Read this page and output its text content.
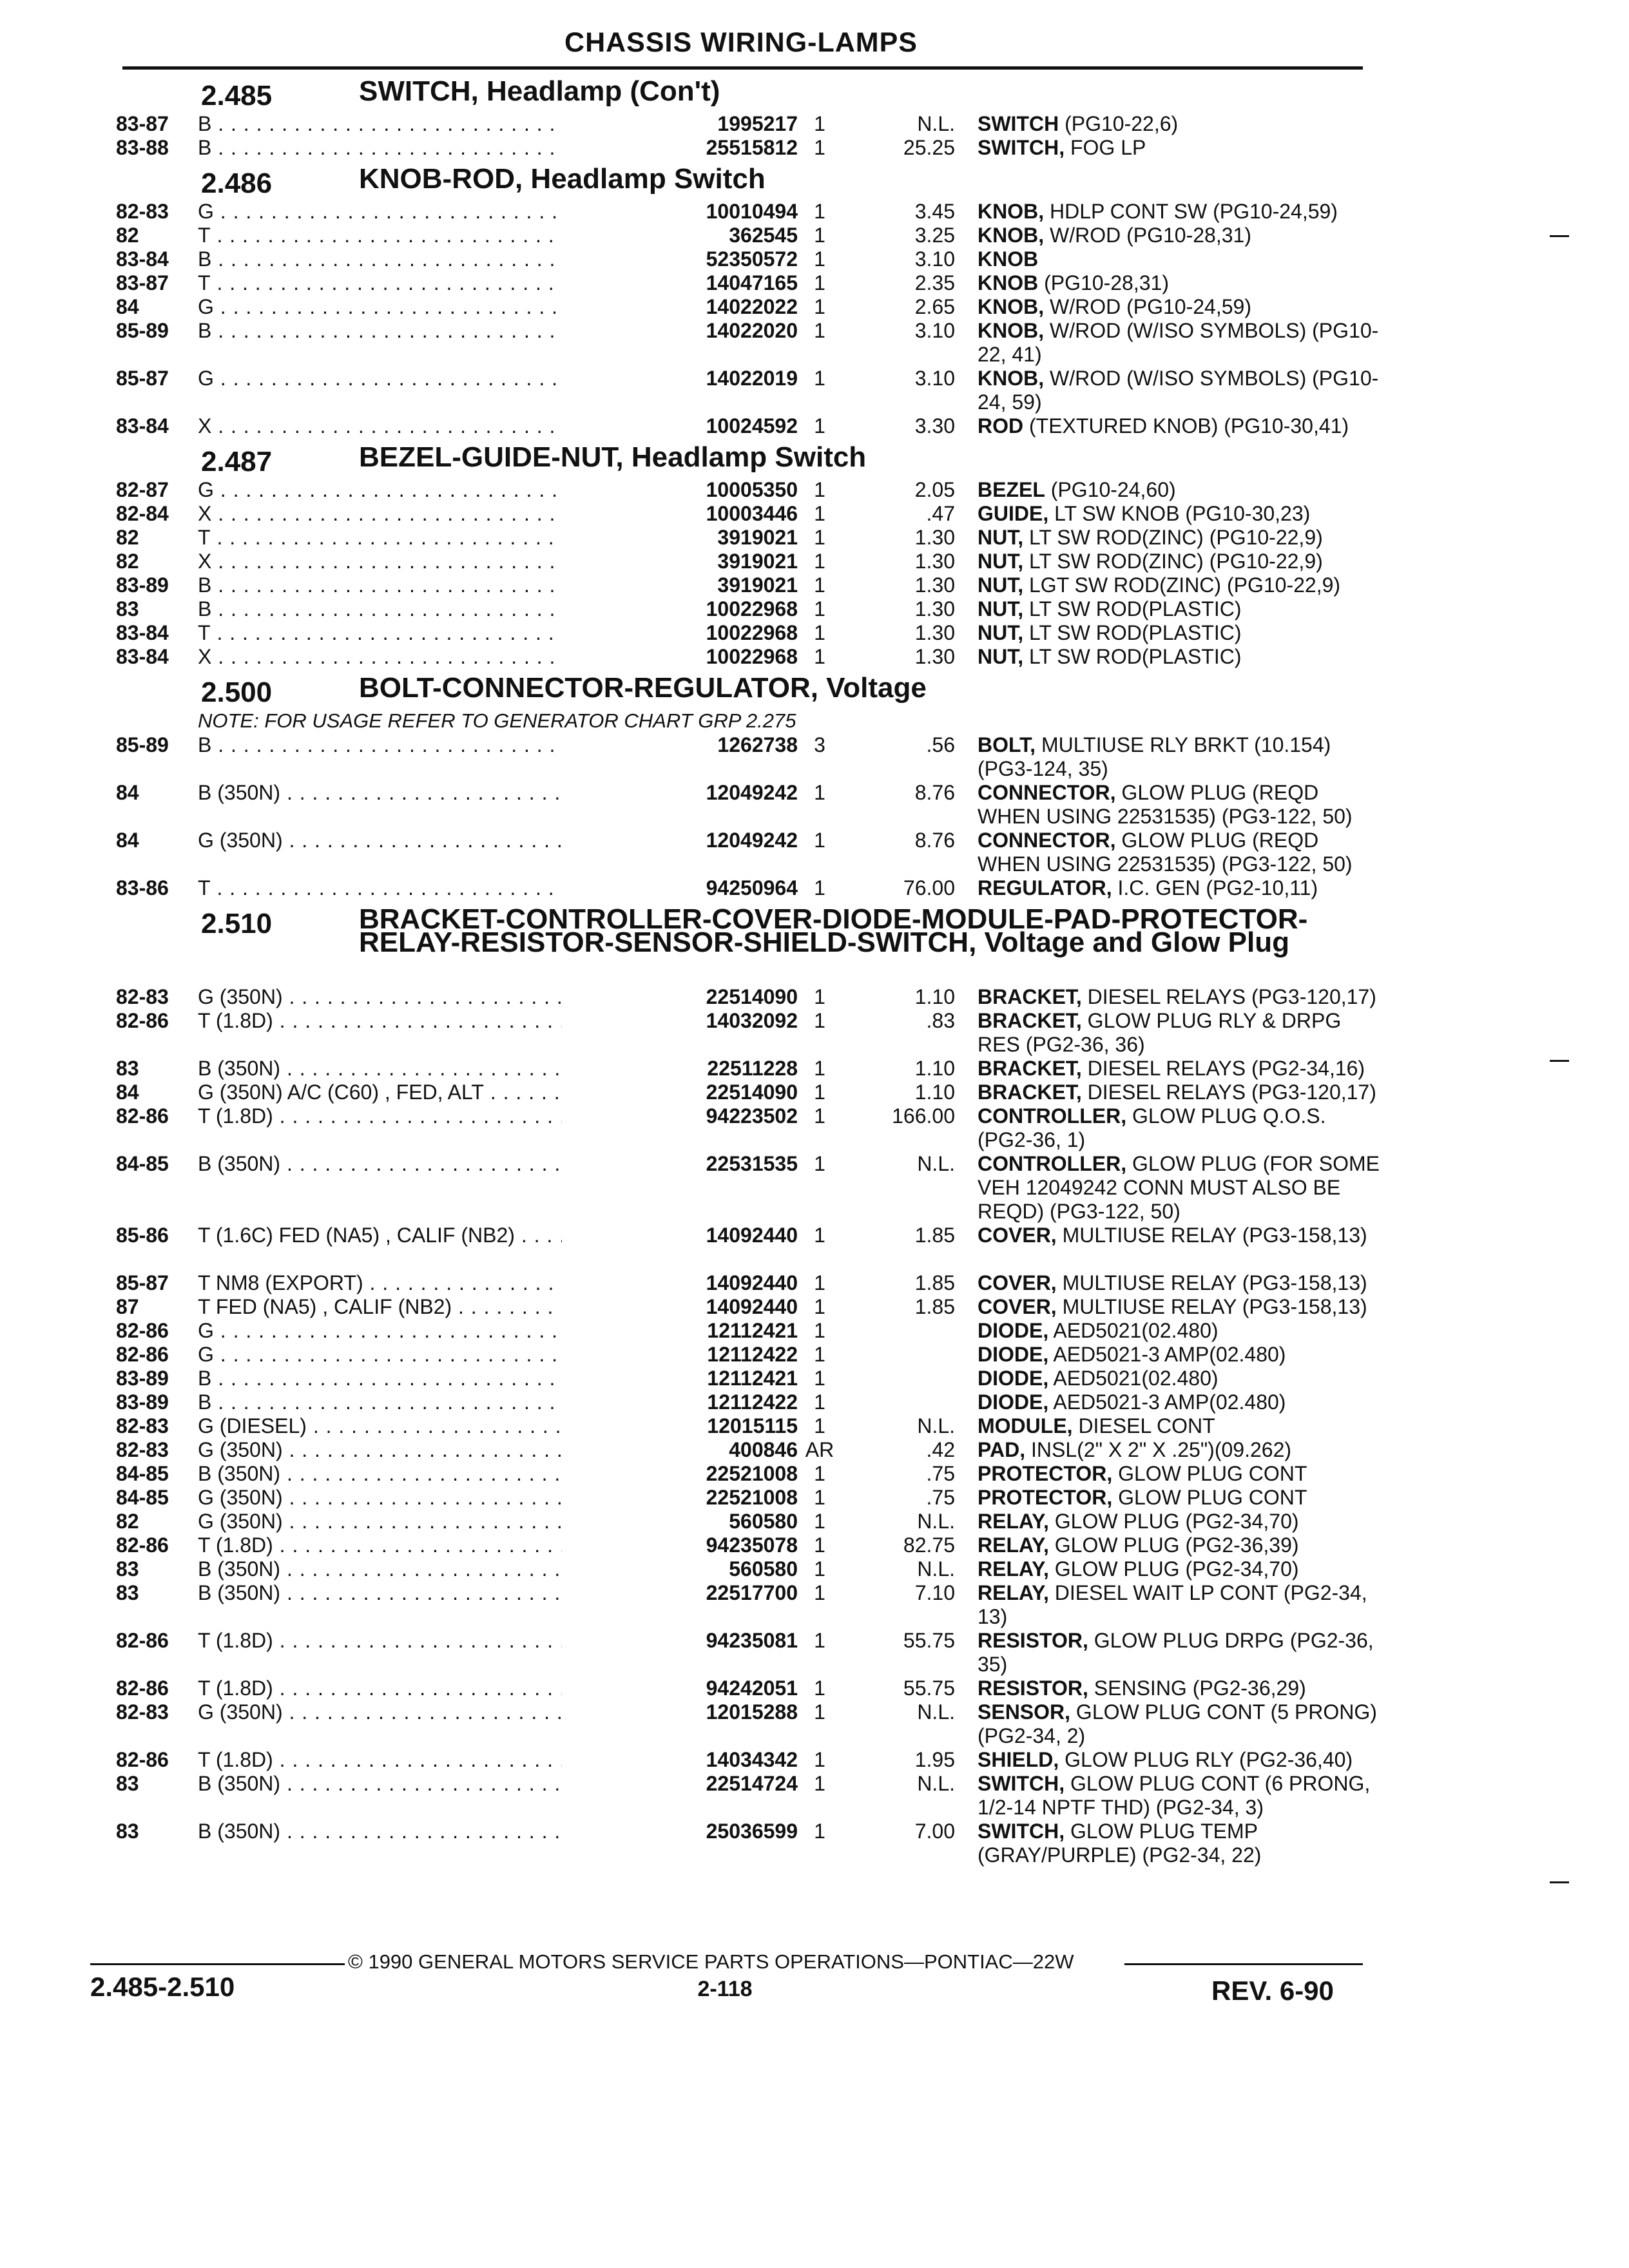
CHASSIS WIRING-LAMPS
2.485	SWITCH, Headlamp (Con't)
83-87 B . . .	1995217 1	N.L. SWITCH (PG10-22,6)
83-88 B . . .	25515812 1	25.25 SWITCH, FOG LP
2.486	KNOB-ROD, Headlamp Switch
82-83 G . . .	10010494 1	3.45 KNOB, HDLP CONT SW (PG10-24,59)
82	T . . .	362545 1	3.25 KNOB, W/ROD (PG10-28,31)
83-84 B . . .	52350572 1	3.10 KNOB
83-87 T . . .	14047165 1	2.35 KNOB (PG10-28,31)
84	G . . .	14022022 1	2.65 KNOB, W/ROD (PG10-24,59)
85-89 B . . .	14022020 1	3.10 KNOB, W/ROD (W/ISO SYMBOLS) (PG10-22, 41)
85-87 G . . .	14022019 1	3.10 KNOB, W/ROD (W/ISO SYMBOLS) (PG10-24, 59)
83-84 X . . .	10024592 1	3.30 ROD (TEXTURED KNOB) (PG10-30,41)
2.487	BEZEL-GUIDE-NUT, Headlamp Switch
82-87 G . . .	10005350 1	2.05 BEZEL (PG10-24,60)
82-84 X . . .	10003446 1	.47 GUIDE, LT SW KNOB (PG10-30,23)
82	T . . .	3919021 1	1.30 NUT, LT SW ROD(ZINC) (PG10-22,9)
82	X . . .	3919021 1	1.30 NUT, LT SW ROD(ZINC) (PG10-22,9)
83-89 B . . .	3919021 1	1.30 NUT, LGT SW ROD(ZINC) (PG10-22,9)
83	B . . .	10022968 1	1.30 NUT, LT SW ROD(PLASTIC)
83-84 T . . .	10022968 1	1.30 NUT, LT SW ROD(PLASTIC)
83-84 X . . .	10022968 1	1.30 NUT, LT SW ROD(PLASTIC)
2.500	BOLT-CONNECTOR-REGULATOR, Voltage
NOTE: FOR USAGE REFER TO GENERATOR CHART GRP 2.275
85-89 B . . .	1262738 3	.56 BOLT, MULTIUSE RLY BRKT (10.154) (PG3-124, 35)
84	B (350N) . . .	12049242 1	8.76 CONNECTOR, GLOW PLUG (REQD WHEN USING 22531535) (PG3-122, 50)
84	G (350N) . . .	12049242 1	8.76 CONNECTOR, GLOW PLUG (REQD WHEN USING 22531535) (PG3-122, 50)
83-86 T . . .	94250964 1	76.00 REGULATOR, I.C. GEN (PG2-10,11)
2.510	BRACKET-CONTROLLER-COVER-DIODE-MODULE-PAD-PROTECTOR-RELAY-RESISTOR-SENSOR-SHIELD-SWITCH, Voltage and Glow Plug
82-83 G (350N) . . .	22514090 1	1.10 BRACKET, DIESEL RELAYS (PG3-120,17)
82-86 T (1.8D) . . .	14032092 1	.83 BRACKET, GLOW PLUG RLY & DRPG RES (PG2-36, 36)
83	B (350N) . . .	22511228 1	1.10 BRACKET, DIESEL RELAYS (PG2-34,16)
84	G (350N) A/C (C60) , FED, ALT . . .	22514090 1	1.10 BRACKET, DIESEL RELAYS (PG3-120,17)
82-86 T (1.8D) . . .	94223502 1	166.00 CONTROLLER, GLOW PLUG Q.O.S. (PG2-36, 1)
84-85 B (350N) . . .	22531535 1	N.L. CONTROLLER, GLOW PLUG (FOR SOME VEH 12049242 CONN MUST ALSO BE REQD) (PG3-122, 50)
85-86 T (1.6C) FED (NA5) , CALIF (NB2) . . .	14092440 1	1.85 COVER, MULTIUSE RELAY (PG3-158,13)
85-87 T NM8 (EXPORT) . . .	14092440 1	1.85 COVER, MULTIUSE RELAY (PG3-158,13)
87	T FED (NA5) , CALIF (NB2) . . .	14092440 1	1.85 COVER, MULTIUSE RELAY (PG3-158,13)
82-86 G . . .	12112421 1	DIODE, AED5021(02.480)
82-86 G . . .	12112422 1	DIODE, AED5021-3 AMP(02.480)
83-89 B . . .	12112421 1	DIODE, AED5021(02.480)
83-89 B . . .	12112422 1	DIODE, AED5021-3 AMP(02.480)
82-83 G (DIESEL) . . .	12015115 1	N.L. MODULE, DIESEL CONT
82-83 G (350N) . . .	400846 AR	.42 PAD, INSL(2" X 2" X .25")(09.262)
84-85 B (350N) . . .	22521008 1	.75 PROTECTOR, GLOW PLUG CONT
84-85 G (350N) . . .	22521008 1	.75 PROTECTOR, GLOW PLUG CONT
82	G (350N) . . .	560580 1	N.L. RELAY, GLOW PLUG (PG2-34,70)
82-86 T (1.8D) . . .	94235078 1	82.75 RELAY, GLOW PLUG (PG2-36,39)
83	B (350N) . . .	560580 1	N.L. RELAY, GLOW PLUG (PG2-34,70)
83	B (350N) . . .	22517700 1	7.10 RELAY, DIESEL WAIT LP CONT (PG2-34, 13)
82-86 T (1.8D) . . .	94235081 1	55.75 RESISTOR, GLOW PLUG DRPG (PG2-36, 35)
82-86 T (1.8D) . . .	94242051 1	55.75 RESISTOR, SENSING (PG2-36,29)
82-83 G (350N) . . .	12015288 1	N.L. SENSOR, GLOW PLUG CONT (5 PRONG) (PG2-34, 2)
82-86 T (1.8D) . . .	14034342 1	1.95 SHIELD, GLOW PLUG RLY (PG2-36,40)
83	B (350N) . . .	22514724 1	N.L. SWITCH, GLOW PLUG CONT (6 PRONG, 1/2-14 NPTF THD) (PG2-34, 3)
83	B (350N) . . .	25036599 1	7.00 SWITCH, GLOW PLUG TEMP (GRAY/PURPLE) (PG2-34, 22)
© 1990 GENERAL MOTORS SERVICE PARTS OPERATIONS—PONTIAC—22W
2.485-2.510	2-118	REV. 6-90
